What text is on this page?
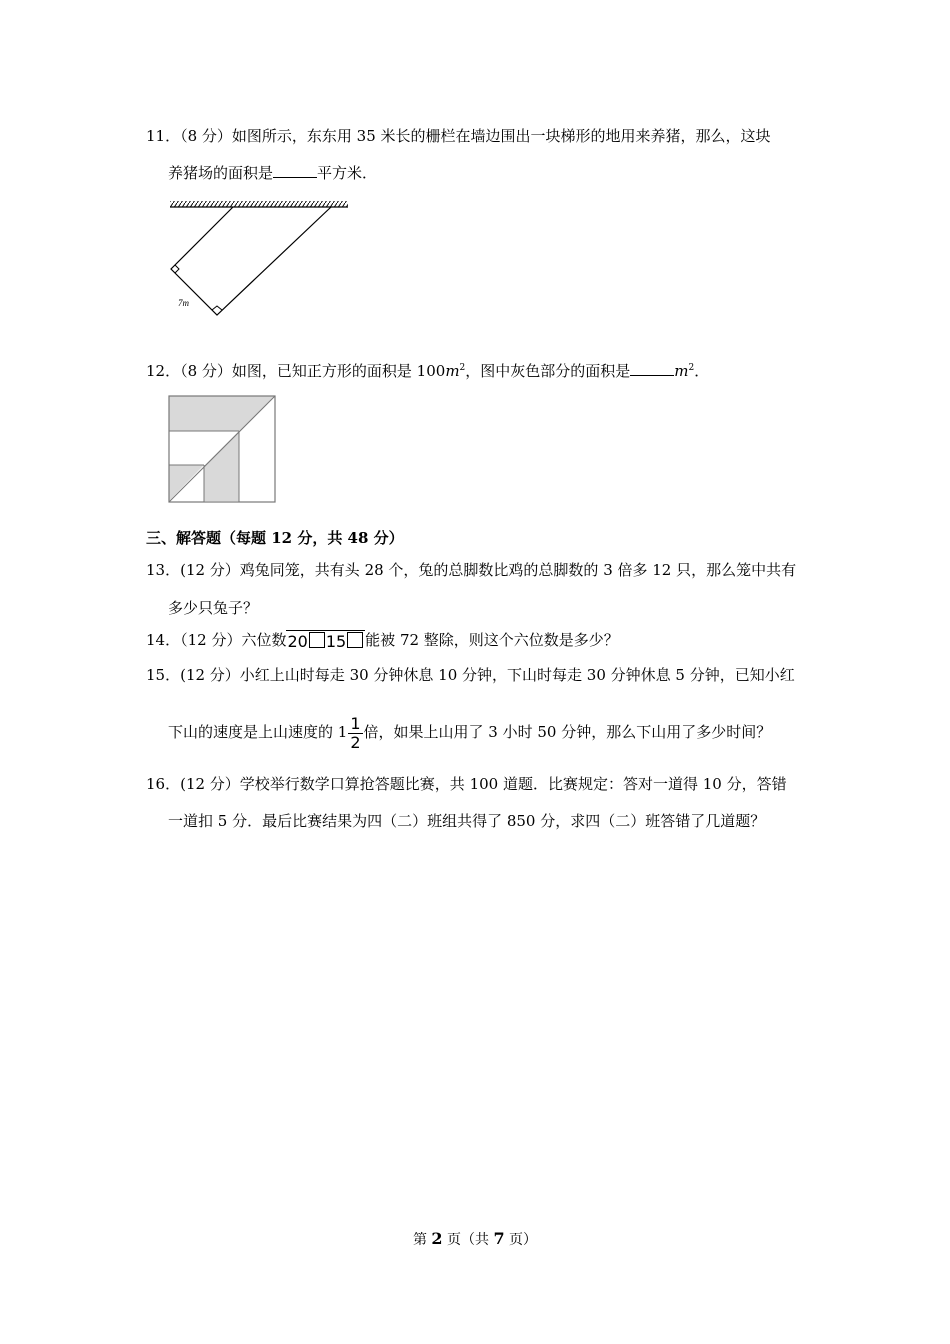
11．（8 分）如图所示，东东用 35 米长的栅栏在墙边围出一块梯形的地用来养猪，那么，这块
养猪场的面积是	平方米．
7m
12．（8 分）如图，已知正方形的面积是 $100m^2$，图中灰色部分的面积是	$m^2$．
三、解答题（每题 12 分，共 48 分）
13．(12 分）鸡兔同笼，共有头 28 个，兔的总脚数比鸡的总脚数的 3 倍多 12 只，那么笼中共有
多少只兔子？
14．（12 分）六位数20 15 能被 72 整除，则这个六位数是多少？
15．(12 分）小红上山时每走 30 分钟休息 10 分钟，下山时每走 30 分钟休息 5 分钟，已知小红
下山的速度是上山速度的 $1 \frac{1}{2}$ 倍，如果上山用了 3 小时 50 分钟，那么下山用了多少时间？
16．(12 分）学校举行数学口算抢答题比赛，共 100 道题．比赛规定：答对一道得 10 分，答错
一道扣 5 分．最后比赛结果为四（二）班组共得了 850 分，求四（二）班答错了几道题？
第 2 页（共 7 页）
